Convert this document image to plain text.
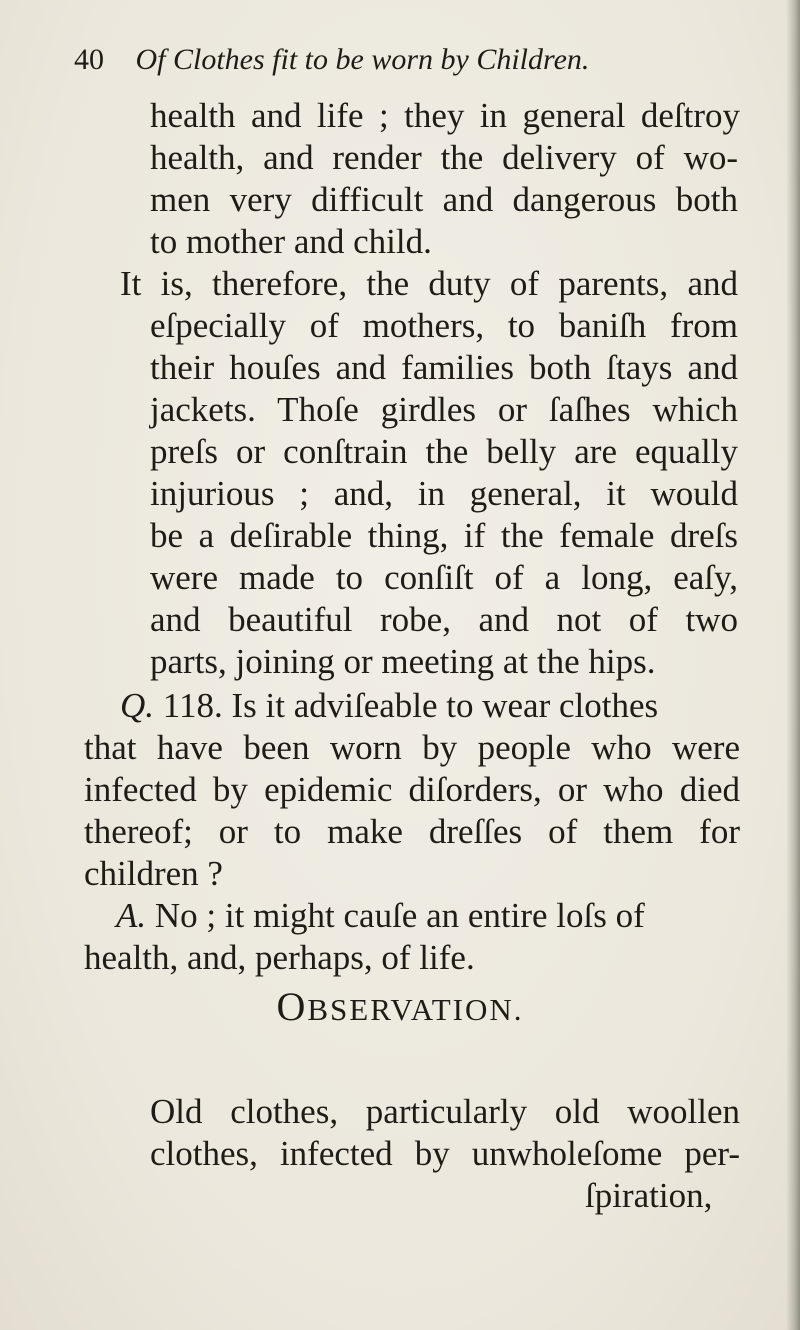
40 Of Clothes fit to be worn by Children.
health and life ; they in general deſtroy
health, and render the delivery of wo-
men very difficult and dangerous both
to mother and child.
It is, therefore, the duty of parents, and
eſpecially of mothers, to baniſh from
their houſes and families both ſtays and
jackets. Thoſe girdles or ſaſhes which
preſs or conſtrain the belly are equally
injurious ; and, in general, it would
be a deſirable thing, if the female dreſs
were made to conſiſt of a long, eaſy,
and beautiful robe, and not of two
parts, joining or meeting at the hips.
Q. 118. Is it adviſeable to wear clothes
that have been worn by people who were
infected by epidemic diſorders, or who died
thereof; or to make dreſſes of them for
children ?
A. No ; it might cauſe an entire loſs of
health, and, perhaps, of life.
OBSERVATION.
Old clothes, particularly old woollen
clothes, infected by unwholeſome per-
ſpiration,
